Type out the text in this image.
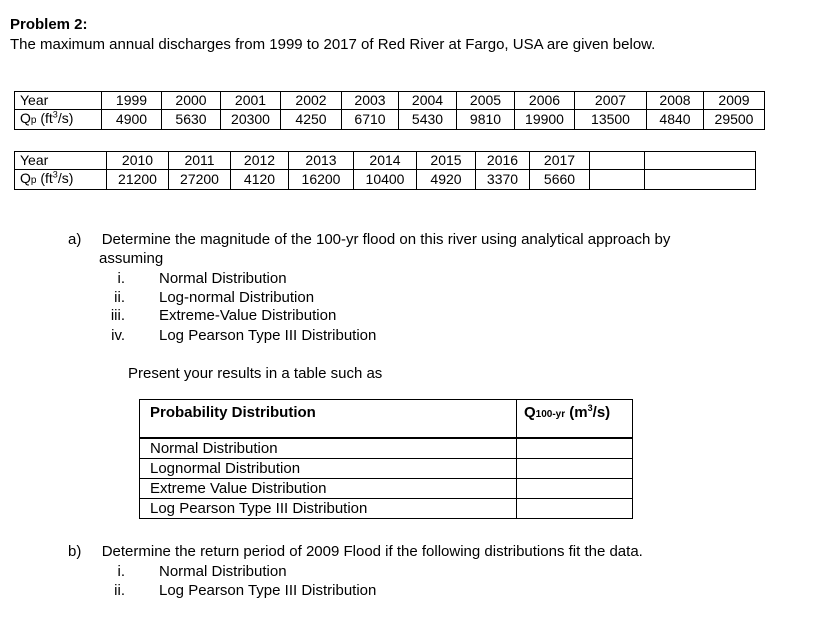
Problem 2:
The maximum annual discharges from 1999 to 2017 of Red River at Fargo, USA are given below.
Year	1999	2000	2001	2002	2003	2004	2005	2006	2007	2008	2009
Qp $(ft^3/s)$	4900	5630	20300	4250	6710	5430	9810	19900	13500	4840	29500
Year	2010	2011	2012	2013	2014	2015	2016	2017		
Qp $(ft^3/s)$	21200	27200	4120	16200	10400	4920	3370	5660		
a) Determine the magnitude of the 100-yr flood on this river using analytical approach by
assuming
i. Normal Distribution
ii. Log-normal Distribution
iii. Extreme-Value Distribution
iv. Log Pearson Type III Distribution
Present your results in a table such as
Probability Distribution	Q100-yr $(m^3/s)$
Normal Distribution	
Lognormal Distribution	
Extreme Value Distribution	
Log Pearson Type III Distribution	
b) Determine the return period of 2009 Flood if the following distributions fit the data.
i. Normal Distribution
ii. Log Pearson Type III Distribution
